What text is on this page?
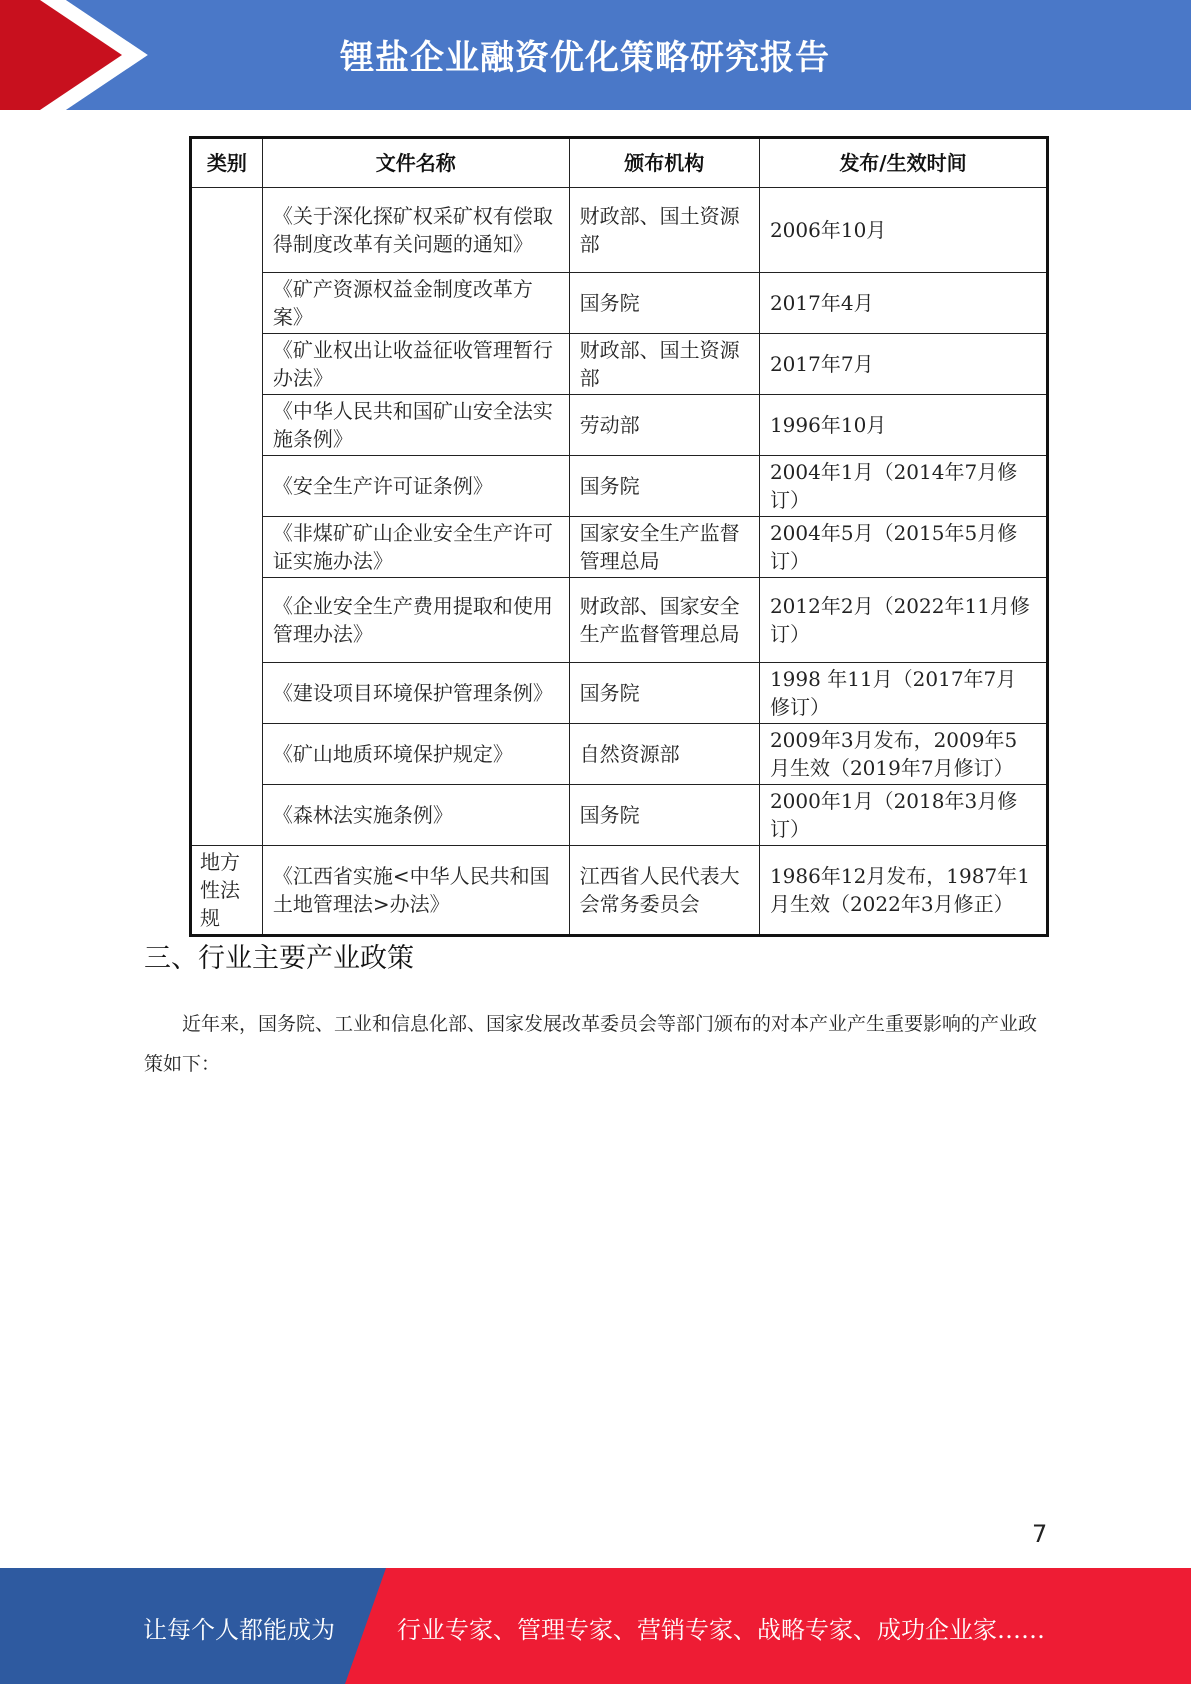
锂盐企业融资优化策略研究报告
类别	文件名称	颁布机构	发布/生效时间
	《关于深化探矿权采矿权有偿取得制度改革有关问题的通知》	财政部、国土资源部	2006年10月
	《矿产资源权益金制度改革方案》	国务院	2017年4月
	《矿业权出让收益征收管理暂行办法》	财政部、国土资源部	2017年7月
	《中华人民共和国矿山安全法实施条例》	劳动部	1996年10月
	《安全生产许可证条例》	国务院	2004年1月（2014年7月修订）
	《非煤矿矿山企业安全生产许可证实施办法》	国家安全生产监督管理总局	2004年5月（2015年5月修订）
	《企业安全生产费用提取和使用管理办法》	财政部、国家安全生产监督管理总局	2012年2月（2022年11月修订）
	《建设项目环境保护管理条例》	国务院	1998 年11月（2017年7月修订）
	《矿山地质环境保护规定》	自然资源部	2009年3月发布，2009年5月生效（2019年7月修订）
	《森林法实施条例》	国务院	2000年1月（2018年3月修订）
地方性法规	《江西省实施<中华人民共和国土地管理法>办法》	江西省人民代表大会常务委员会	1986年12月发布，1987年1月生效（2022年3月修正）
三、行业主要产业政策
近年来，国务院、工业和信息化部、国家发展改革委员会等部门颁布的对本产业产生重要影响的产业政策如下：
7
让每个人都能成为	行业专家、管理专家、营销专家、战略专家、成功企业家……
